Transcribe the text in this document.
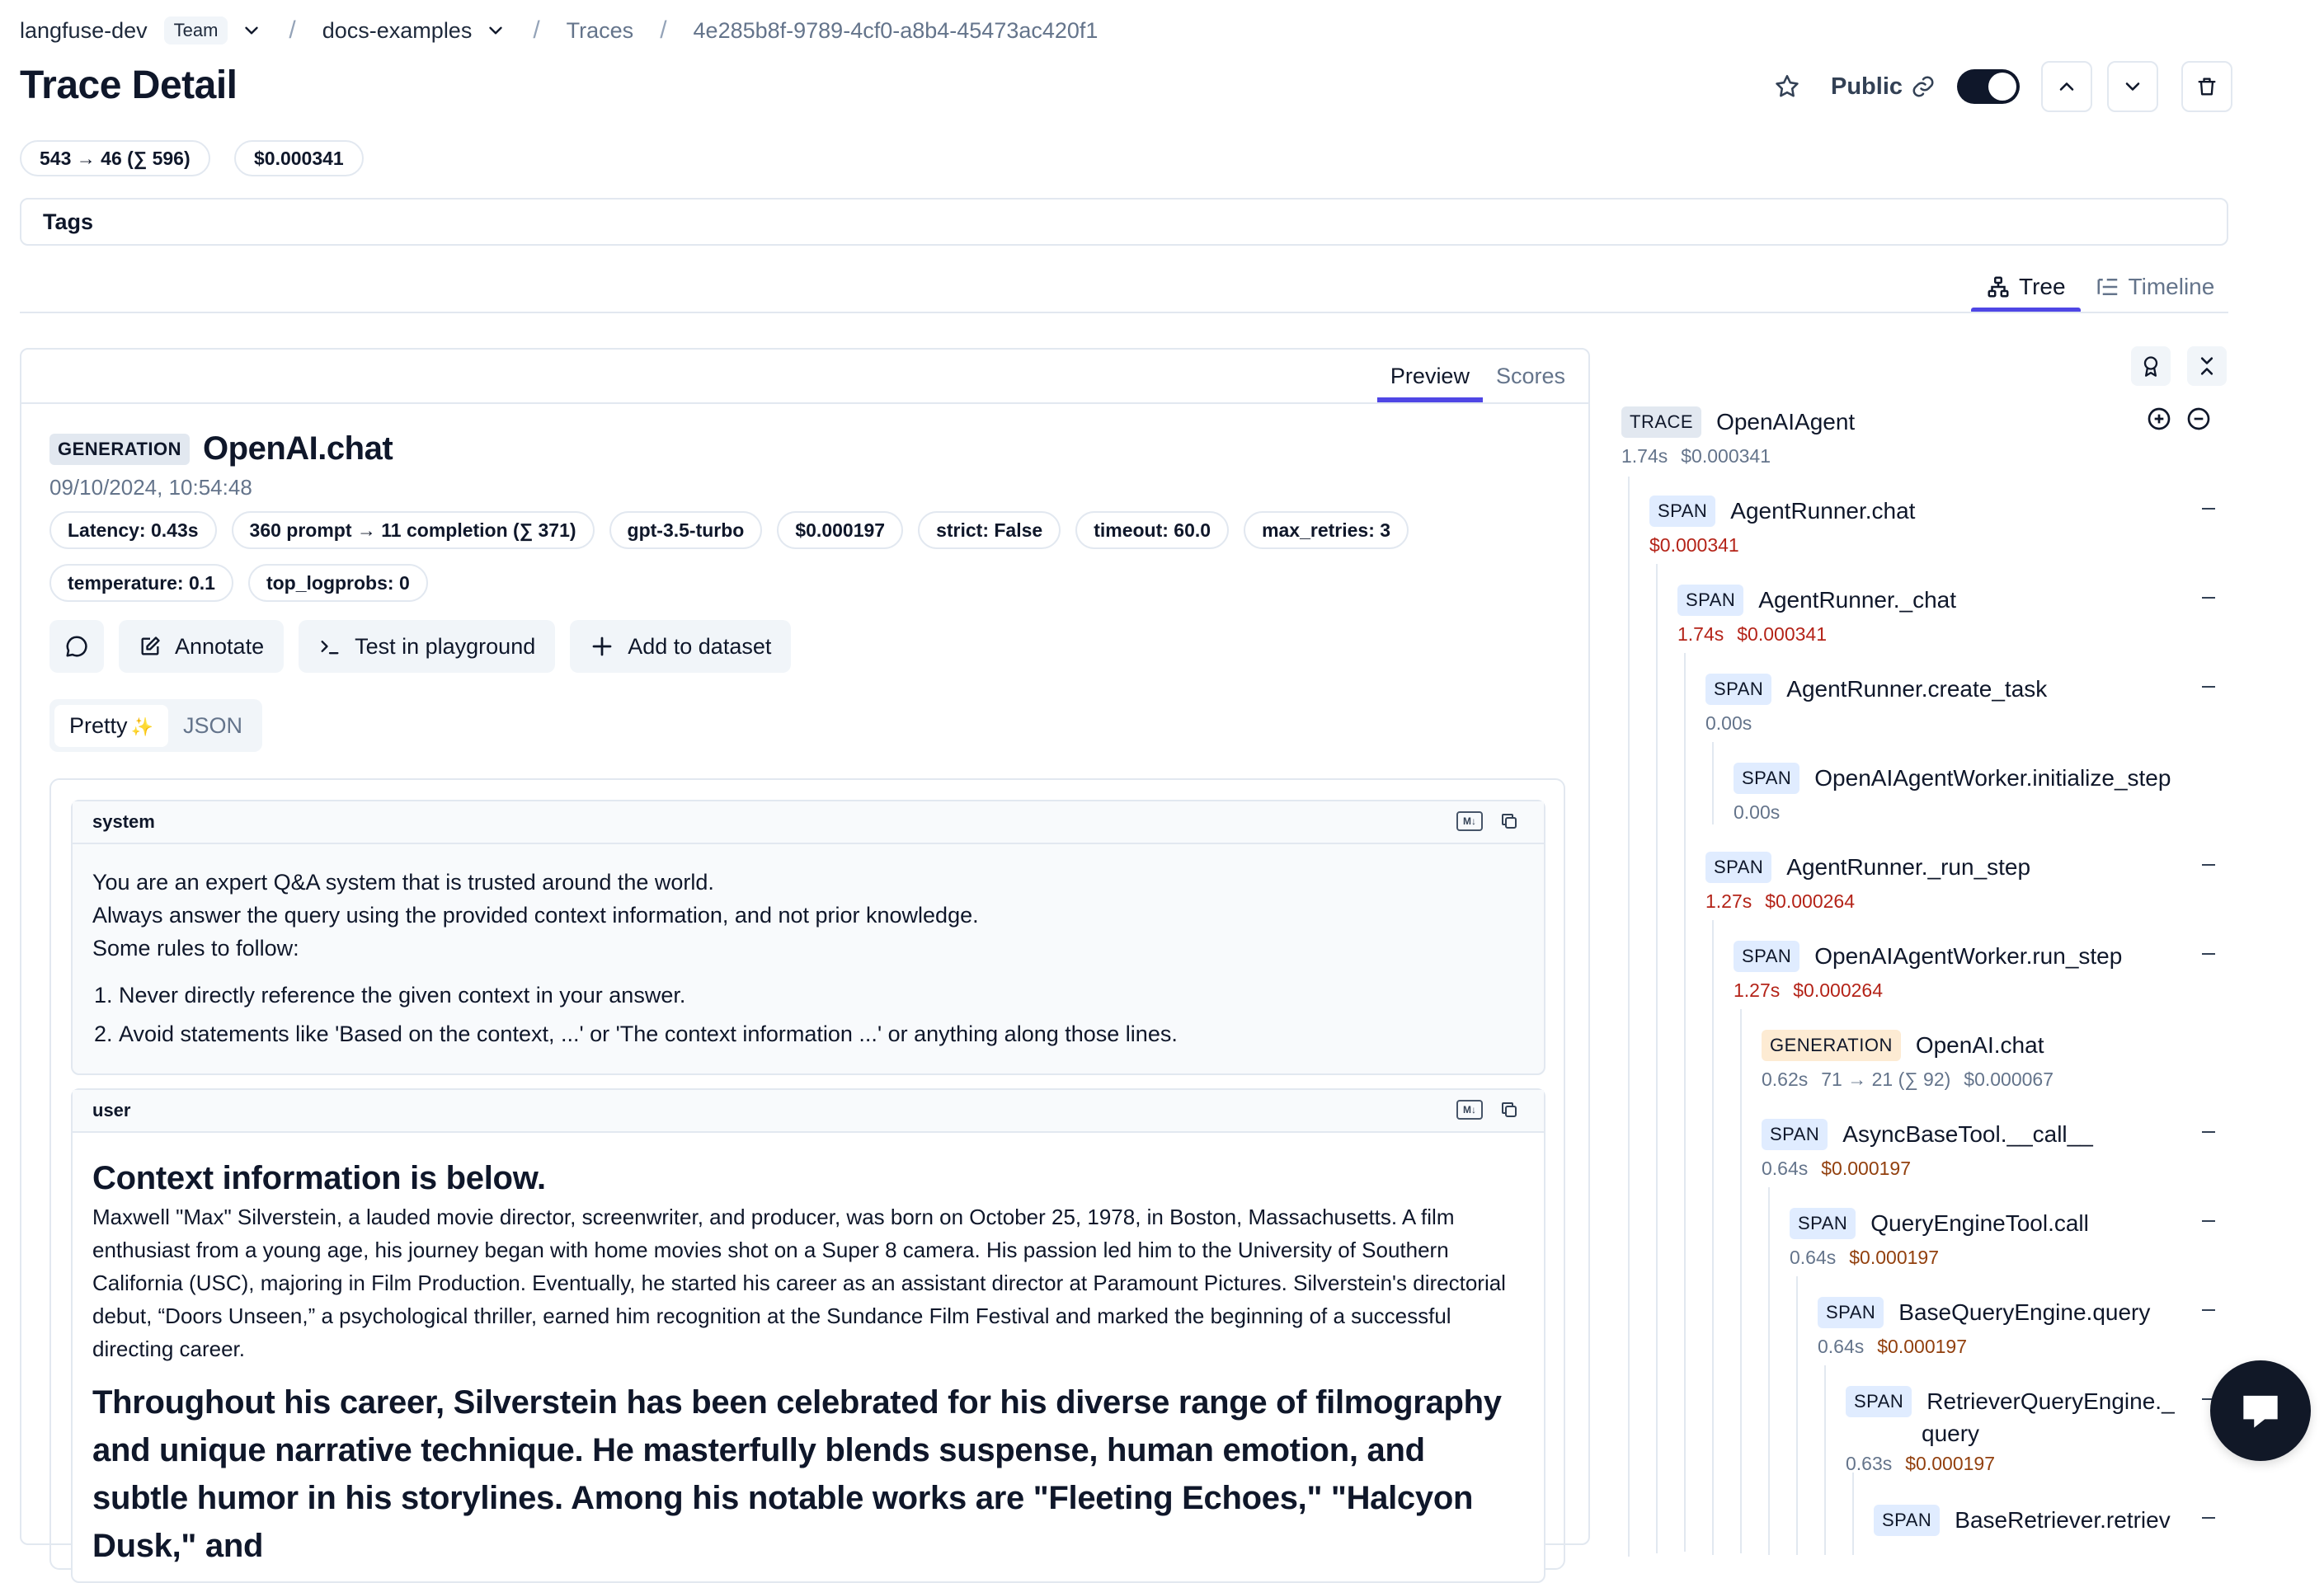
langfuse-dev	Team	/ docs-examples / Traces / 4e285b8f-9789-4cf0-a8b4-45473ac420f1
Trace Detail	Public
543 → 46 (∑ 596)	$0.000341
Tags
Tree	Timeline
Preview	Scores
GENERATION OpenAI.chat
09/10/2024, 10:54:48
Latency: 0.43s	360 prompt → 11 completion (∑ 371)	gpt-3.5-turbo	$0.000197	strict: False	timeout: 60.0	max_retries: 3
temperature: 0.1	top_logprobs: 0
Annotate	Test in playground	Add to dataset
Pretty ✨	JSON
system	M↓

You are an expert Q&A system that is trusted around the world.

Always answer the query using the provided context information, and not prior knowledge.

Some rules to follow:

1. Never directly reference the given context in your answer.
2. Avoid statements like 'Based on the context, ...' or 'The context information ...' or anything along those lines.
user	M↓
Context information is below.

Maxwell "Max" Silverstein, a lauded movie director, screenwriter, and producer, was born on October 25, 1978, in Boston, Massachusetts. A film enthusiast from a young age, his journey began with home movies shot on a Super 8 camera. His passion led him to the University of Southern California (USC), majoring in Film Production. Eventually, he started his career as an assistant director at Paramount Pictures. Silverstein's directorial debut, “Doors Unseen,” a psychological thriller, earned him recognition at the Sundance Film Festival and marked the beginning of a successful directing career.

Throughout his career, Silverstein has been celebrated for his diverse range of filmography and unique narrative technique. He masterfully blends suspense, human emotion, and subtle humor in his storylines. Among his notable works are "Fleeting Echoes," "Halcyon Dusk," and
TRACE	OpenAIAgent
1.74s $0.000341
SPAN	AgentRunner.chat
$0.000341
SPAN	AgentRunner._chat
1.74s $0.000341
SPAN	AgentRunner.create_task
0.00s
SPAN	OpenAIAgentWorker.initialize_step
0.00s
SPAN	AgentRunner._run_step
1.27s $0.000264
SPAN	OpenAIAgentWorker.run_step
1.27s $0.000264
GENERATION	OpenAI.chat
0.62s 71 → 21 (∑ 92) $0.000067
SPAN	AsyncBaseTool.__call__
0.64s $0.000197
SPAN	QueryEngineTool.call
0.64s $0.000197
SPAN	BaseQueryEngine.query
0.64s $0.000197
SPAN	RetrieverQueryEngine._
query
0.63s $0.000197
SPAN	BaseRetriever.retriev
